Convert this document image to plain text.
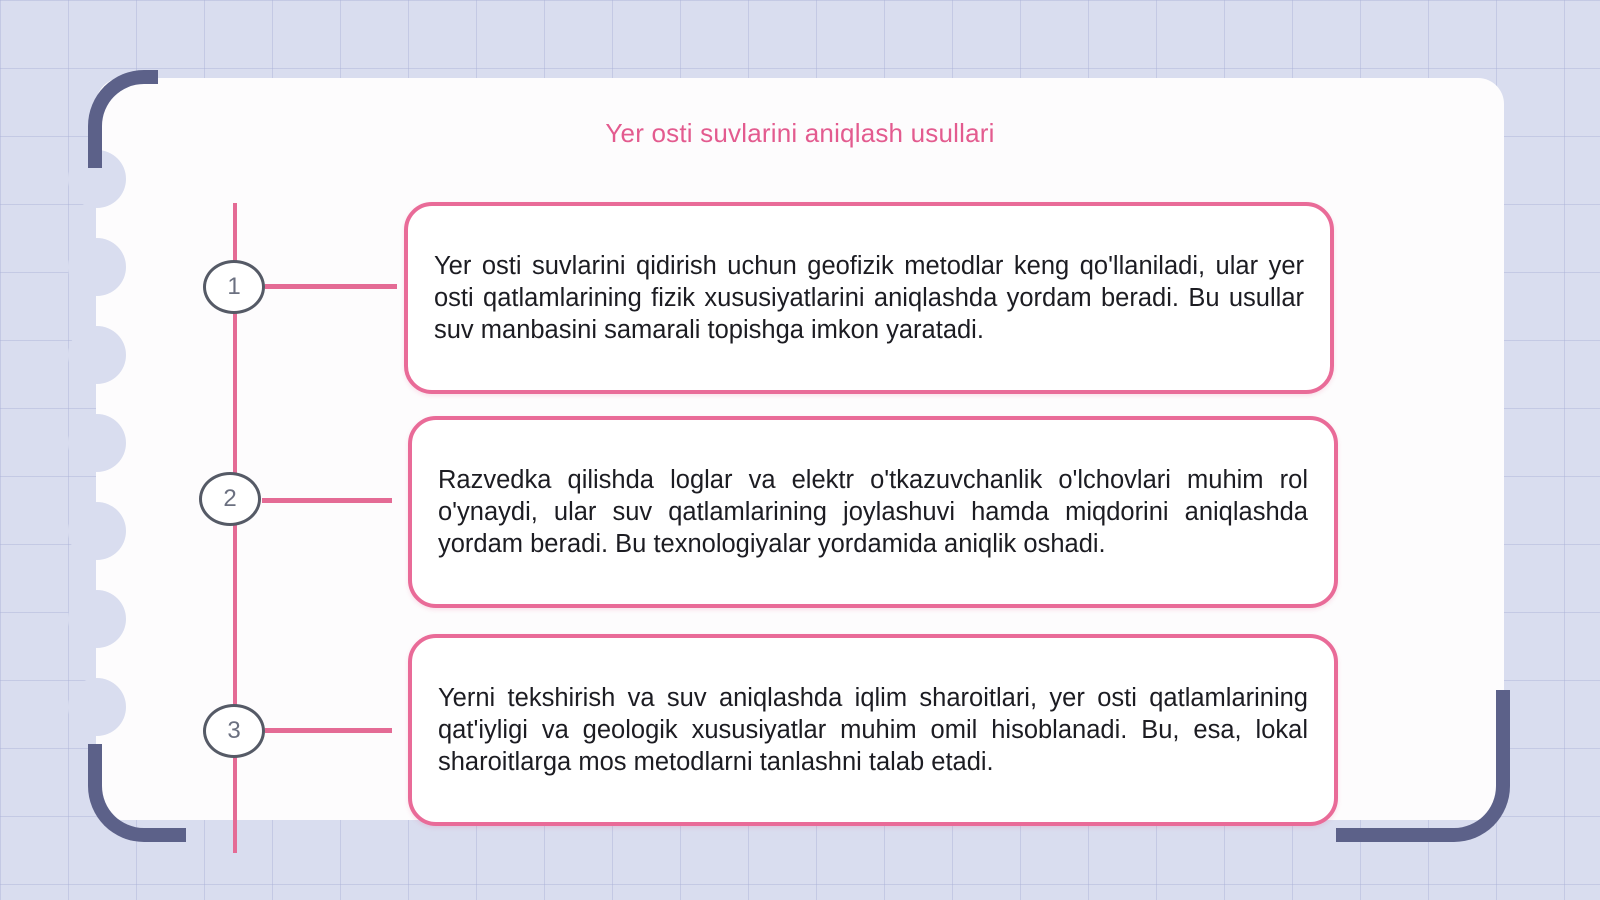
Yer osti suvlarini aniqlash usullari
1
2
3

Yer osti suvlarini qidirish uchun geofizik metodlar keng qo'llaniladi, ular yer osti qatlamlarining fizik xususiyatlarini aniqlashda yordam beradi. Bu usullar suv manbasini samarali topishga imkon yaratadi.

Razvedka qilishda loglar va elektr o'tkazuvchanlik o'lchovlari muhim rol o'ynaydi, ular suv qatlamlarining joylashuvi hamda miqdorini aniqlashda yordam beradi. Bu texnologiyalar yordamida aniqlik oshadi.

Yerni tekshirish va suv aniqlashda iqlim sharoitlari, yer osti qatlamlarining qat'iyligi va geologik xususiyatlar muhim omil hisoblanadi. Bu, esa, lokal sharoitlarga mos metodlarni tanlashni talab etadi.
